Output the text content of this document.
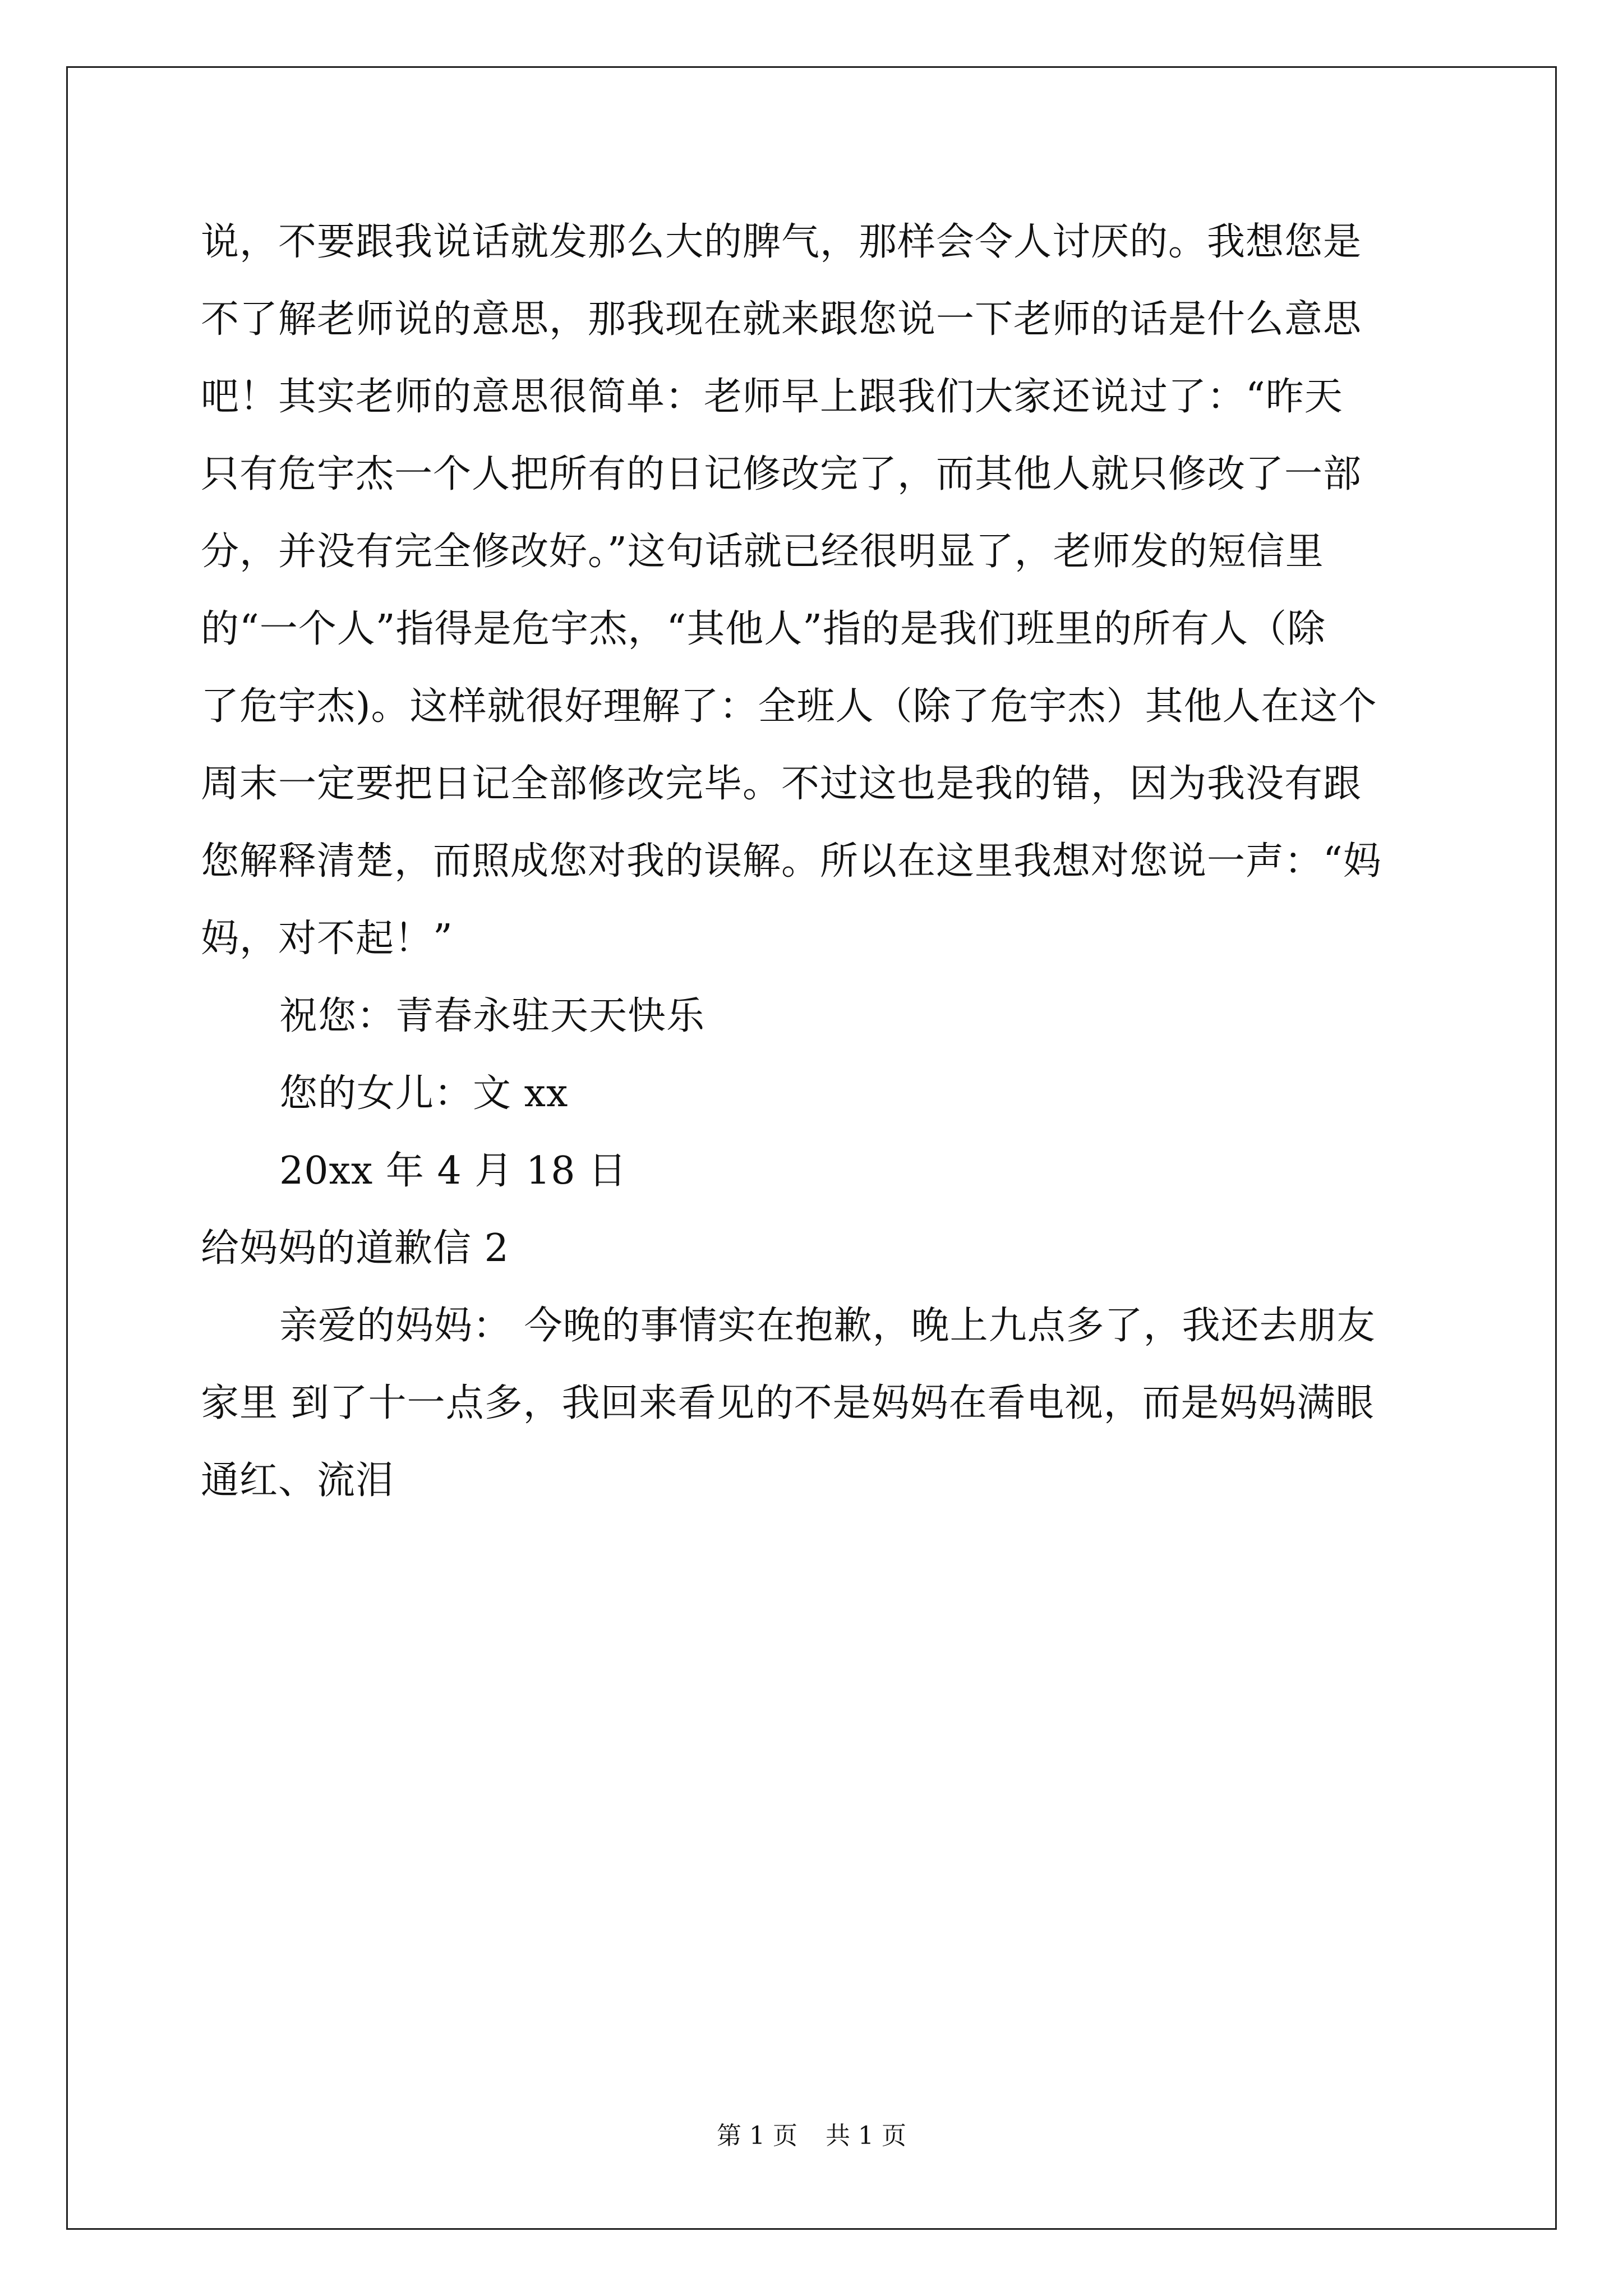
说，不要跟我说话就发那么大的脾气，那样会令人讨厌的。我想您是
不了解老师说的意思，那我现在就来跟您说一下老师的话是什么意思
吧！其实老师的意思很简单：老师早上跟我们大家还说过了：“昨天
只有危宇杰一个人把所有的日记修改完了，而其他人就只修改了一部
分，并没有完全修改好。”这句话就已经很明显了，老师发的短信里
的“一个人”指得是危宇杰，“其他人”指的是我们班里的所有人（除
了危宇杰)。这样就很好理解了：全班人（除了危宇杰）其他人在这个
周末一定要把日记全部修改完毕。不过这也是我的错，因为我没有跟
您解释清楚，而照成您对我的误解。所以在这里我想对您说一声：“妈
妈，对不起！”
祝您：青春永驻天天快乐
您的女儿：文 xx
20xx 年 4 月 18 日
给妈妈的道歉信 2
亲爱的妈妈： 今晚的事情实在抱歉，晚上九点多了，我还去朋友
家里 到了十一点多，我回来看见的不是妈妈在看电视，而是妈妈满眼
通红、流泪
第 1 页 共 1 页
